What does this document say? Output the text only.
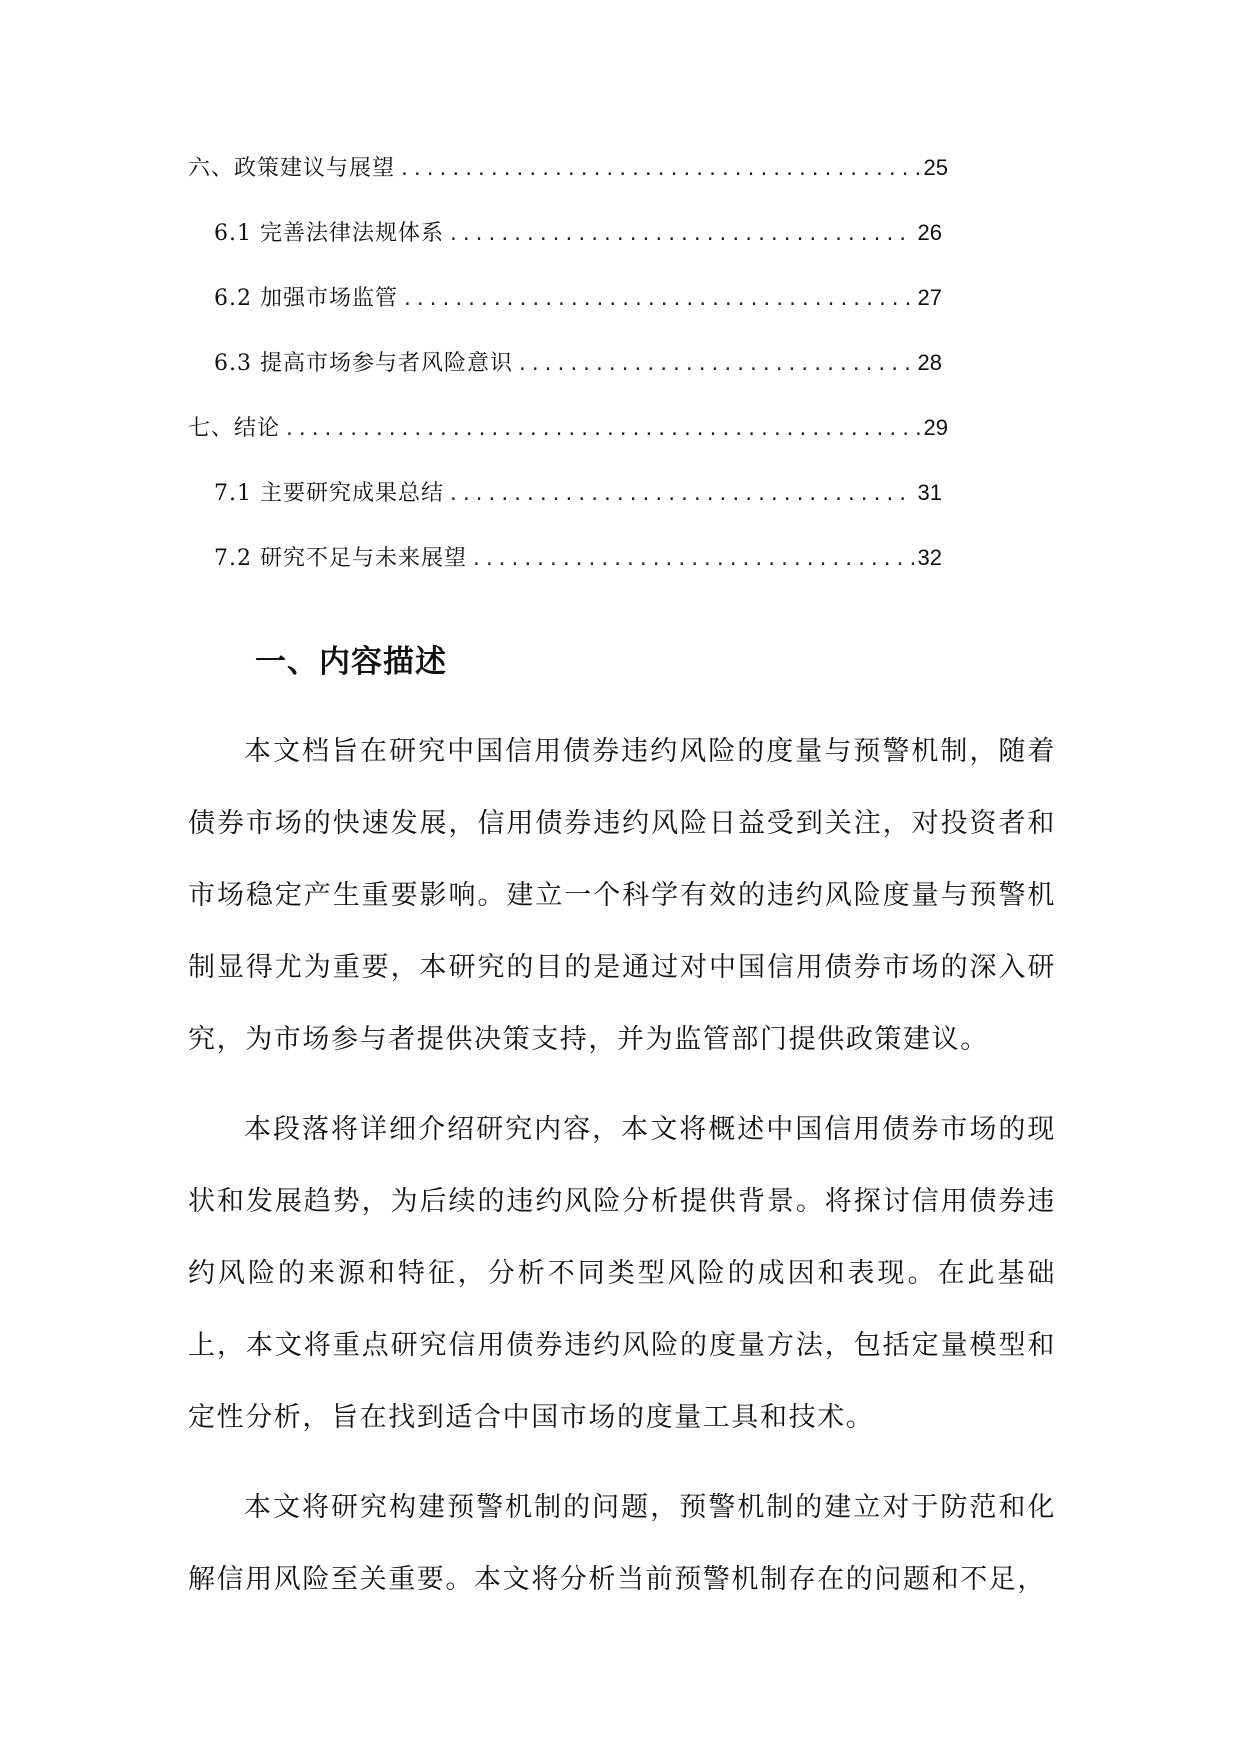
六、政策建议与展望 .....	25
6.1 完善法律法规体系 .....	26
6.2 加强市场监管 .....	27
6.3 提高市场参与者风险意识 .....	28
七、结论 .....	29
7.1 主要研究成果总结 .....	31
7.2 研究不足与未来展望 .....	32
一、内容描述

本文档旨在研究中国信用债券违约风险的度量与预警机制，随着债券市场的快速发展，信用债券违约风险日益受到关注，对投资者和市场稳定产生重要影响。建立一个科学有效的违约风险度量与预警机制显得尤为重要，本研究的目的是通过对中国信用债券市场的深入研究，为市场参与者提供决策支持，并为监管部门提供政策建议。

本段落将详细介绍研究内容，本文将概述中国信用债券市场的现状和发展趋势，为后续的违约风险分析提供背景。将探讨信用债券违约风险的来源和特征，分析不同类型风险的成因和表现。在此基础上，本文将重点研究信用债券违约风险的度量方法，包括定量模型和定性分析，旨在找到适合中国市场的度量工具和技术。

本文将研究构建预警机制的问题，预警机制的建立对于防范和化解信用风险至关重要。本文将分析当前预警机制存在的问题和不足，
